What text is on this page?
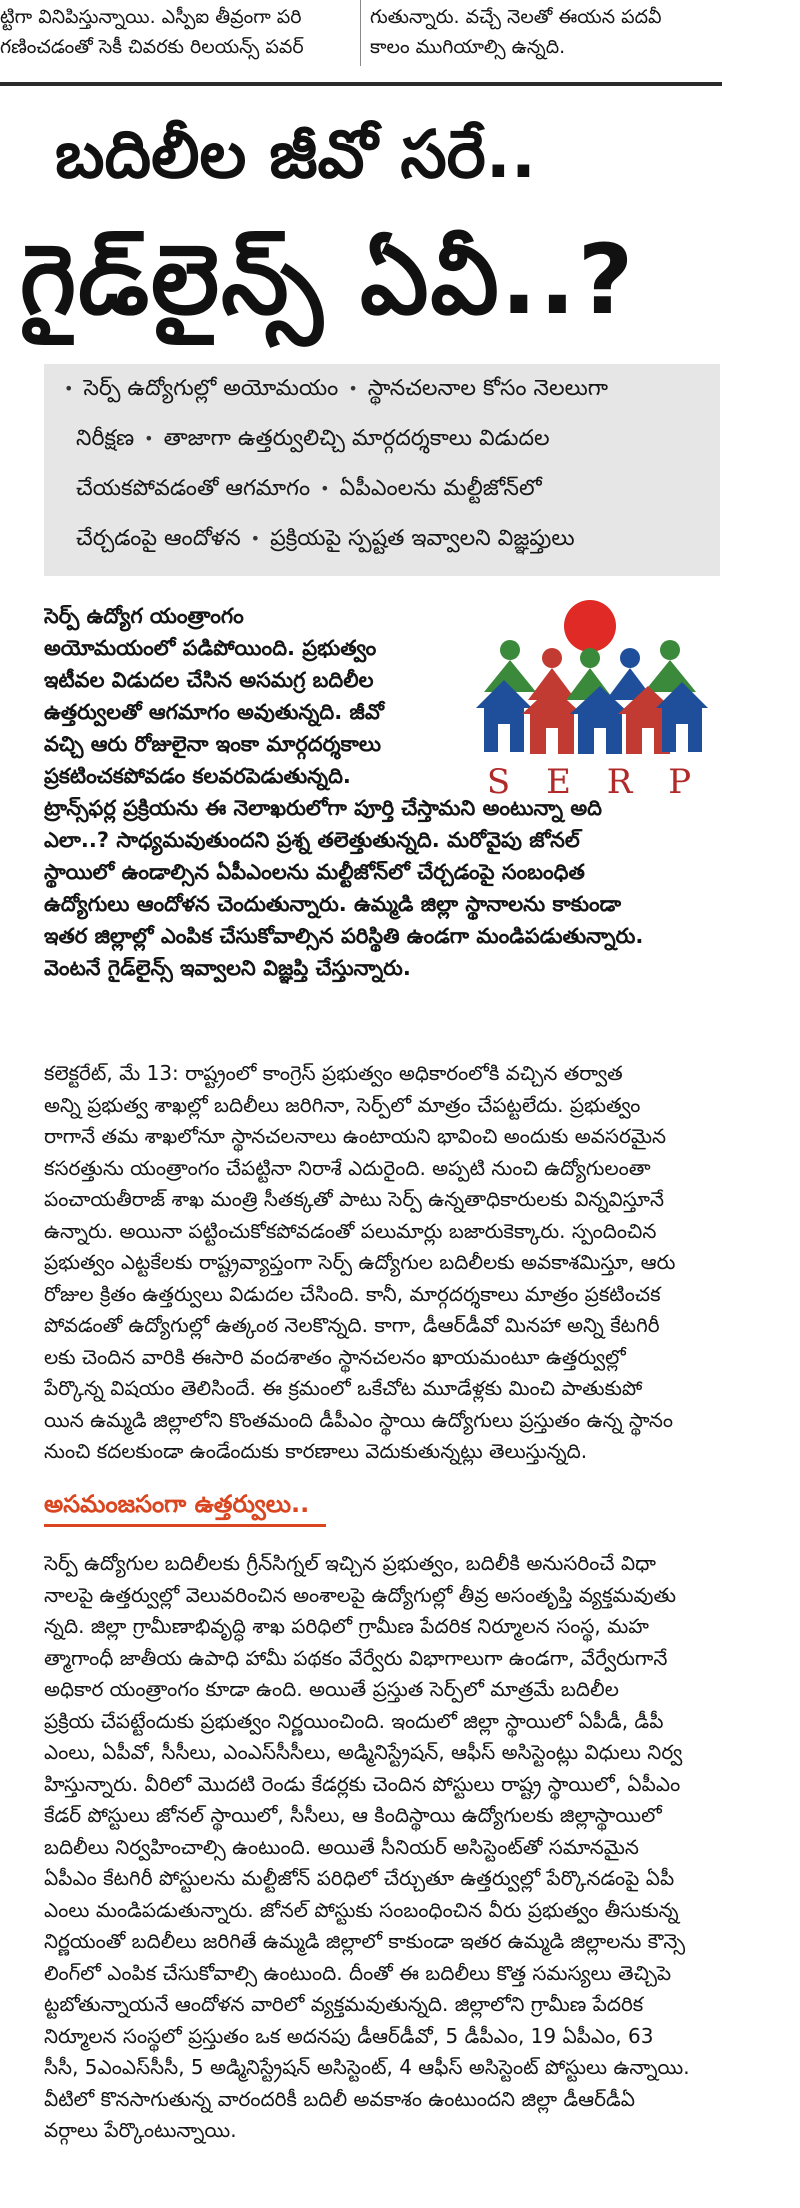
ట్టిగా వినిపిస్తున్నాయి. ఎస్పీఐ తీవ్రంగా పరి
గణించడంతో సెకీ చివరకు రిలయన్స్ పవర్
గుతున్నారు. వచ్చే నెలతో ఈయన పదవీ
కాలం ముగియాల్సి ఉన్నది.
బదిలీల జీవో సరే..
గైడ్‌లైన్స్ ఏవీ..?
• సెర్ప్ ఉద్యోగుల్లో అయోమయం • స్థానచలనాల కోసం నెలలుగా
నిరీక్షణ • తాజాగా ఉత్తర్వులిచ్చి మార్గదర్శకాలు విడుదల
చేయకపోవడంతో ఆగమాగం • ఏపీఎంలను మల్టీజోన్‌లో
చేర్చడంపై ఆందోళన • ప్రక్రియపై స్పష్టత ఇవ్వాలని విజ్ఞప్తులు
S E R P
సెర్ప్ ఉద్యోగ యంత్రాంగం
అయోమయంలో పడిపోయింది. ప్రభుత్వం
ఇటీవల విడుదల చేసిన అసమగ్ర బదిలీల
ఉత్తర్వులతో ఆగమాగం అవుతున్నది. జీవో
వచ్చి ఆరు రోజులైనా ఇంకా మార్గదర్శకాలు
ప్రకటించకపోవడం కలవరపెడుతున్నది.
ట్రాన్స్‌ఫర్ల ప్రక్రియను ఈ నెలాఖరులోగా పూర్తి చేస్తామని అంటున్నా అది
ఎలా..? సాధ్యమవుతుందని ప్రశ్న తలెత్తుతున్నది. మరోవైపు జోనల్
స్థాయిలో ఉండాల్సిన ఏపీఎంలను మల్టీజోన్‌లో చేర్చడంపై సంబంధిత
ఉద్యోగులు ఆందోళన చెందుతున్నారు. ఉమ్మడి జిల్లా స్థానాలను కాకుండా
ఇతర జిల్లాల్లో ఎంపిక చేసుకోవాల్సిన పరిస్థితి ఉండగా మండిపడుతున్నారు.
వెంటనే గైడ్‌లైన్స్ ఇవ్వాలని విజ్ఞప్తి చేస్తున్నారు.
కలెక్టరేట్, మే 13: రాష్ట్రంలో కాంగ్రెస్ ప్రభుత్వం అధికారంలోకి వచ్చిన తర్వాత
అన్ని ప్రభుత్వ శాఖల్లో బదిలీలు జరిగినా, సెర్ప్‌లో మాత్రం చేపట్టలేదు. ప్రభుత్వం
రాగానే తమ శాఖలోనూ స్థానచలనాలు ఉంటాయని భావించి అందుకు అవసరమైన
కసరత్తును యంత్రాంగం చేపట్టినా నిరాశే ఎదురైంది. అప్పటి నుంచి ఉద్యోగులంతా
పంచాయతీరాజ్ శాఖ మంత్రి సీతక్కతో పాటు సెర్ప్ ఉన్నతాధికారులకు విన్నవిస్తూనే
ఉన్నారు. అయినా పట్టించుకోకపోవడంతో పలుమార్లు బజారుకెక్కారు. స్పందించిన
ప్రభుత్వం ఎట్టకేలకు రాష్ట్రవ్యాప్తంగా సెర్ప్ ఉద్యోగుల బదిలీలకు అవకాశమిస్తూ, ఆరు
రోజుల క్రితం ఉత్తర్వులు విడుదల చేసింది. కానీ, మార్గదర్శకాలు మాత్రం ప్రకటించక
పోవడంతో ఉద్యోగుల్లో ఉత్కంఠ నెలకొన్నది. కాగా, డీఆర్‌డీవో మినహా అన్ని కేటగిరీ
లకు చెందిన వారికి ఈసారి వందశాతం స్థానచలనం ఖాయమంటూ ఉత్తర్వుల్లో
పేర్కొన్న విషయం తెలిసిందే. ఈ క్రమంలో ఒకేచోట మూడేళ్లకు మించి పాతుకుపో
యిన ఉమ్మడి జిల్లాలోని కొంతమంది డీపీఎం స్థాయి ఉద్యోగులు ప్రస్తుతం ఉన్న స్థానం
నుంచి కదలకుండా ఉండేందుకు కారణాలు వెదుకుతున్నట్లు తెలుస్తున్నది.
అసమంజసంగా ఉత్తర్వులు..
సెర్ప్ ఉద్యోగుల బదిలీలకు గ్రీన్‌సిగ్నల్ ఇచ్చిన ప్రభుత్వం, బదిలీకి అనుసరించే విధా
నాలపై ఉత్తర్వుల్లో వెలువరించిన అంశాలపై ఉద్యోగుల్లో తీవ్ర అసంతృప్తి వ్యక్తమవుతు
న్నది. జిల్లా గ్రామీణాభివృద్ధి శాఖ పరిధిలో గ్రామీణ పేదరిక నిర్మూలన సంస్థ, మహ
త్మాగాంధీ జాతీయ ఉపాధి హామీ పథకం వేర్వేరు విభాగాలుగా ఉండగా, వేర్వేరుగానే
అధికార యంత్రాంగం కూడా ఉంది. అయితే ప్రస్తుత సెర్ప్‌లో మాత్రమే బదిలీల
ప్రక్రియ చేపట్టేందుకు ప్రభుత్వం నిర్ణయించింది. ఇందులో జిల్లా స్థాయిలో ఏపీడీ, డీపీ
ఎంలు, ఏపీవో, సీసీలు, ఎంఎస్‌సీసీలు, అడ్మినిస్ట్రేషన్, ఆఫీస్ అసిస్టెంట్లు విధులు నిర్వ
హిస్తున్నారు. వీరిలో మొదటి రెండు కేడర్లకు చెందిన పోస్టులు రాష్ట్ర స్థాయిలో, ఏపీఎం
కేడర్ పోస్టులు జోనల్ స్థాయిలో, సీసీలు, ఆ కిందిస్థాయి ఉద్యోగులకు జిల్లాస్థాయిలో
బదిలీలు నిర్వహించాల్సి ఉంటుంది. అయితే సీనియర్ అసిస్టెంట్‌తో సమానమైన
ఏపీఎం కేటగిరీ పోస్టులను మల్టీజోన్ పరిధిలో చేర్చుతూ ఉత్తర్వుల్లో పేర్కొనడంపై ఏపీ
ఎంలు మండిపడుతున్నారు. జోనల్ పోస్టుకు సంబంధించిన వీరు ప్రభుత్వం తీసుకున్న
నిర్ణయంతో బదిలీలు జరిగితే ఉమ్మడి జిల్లాలో కాకుండా ఇతర ఉమ్మడి జిల్లాలను కౌన్సె
లింగ్‌లో ఎంపిక చేసుకోవాల్సి ఉంటుంది. దీంతో ఈ బదిలీలు కొత్త సమస్యలు తెచ్చిపె
ట్టబోతున్నాయనే ఆందోళన వారిలో వ్యక్తమవుతున్నది. జిల్లాలోని గ్రామీణ పేదరిక
నిర్మూలన సంస్థలో ప్రస్తుతం ఒక అదనపు డీఆర్‌డీవో, 5 డీపీఎం, 19 ఏపీఎం, 63
సీసీ, 5ఎంఎస్‌సీసీ, 5 అడ్మినిస్ట్రేషన్ అసిస్టెంట్, 4 ఆఫీస్ అసిస్టెంట్ పోస్టులు ఉన్నాయి.
వీటిలో కొనసాగుతున్న వారందరికీ బదిలీ అవకాశం ఉంటుందని జిల్లా డీఆర్‌డీఏ
వర్గాలు పేర్కొంటున్నాయి.
